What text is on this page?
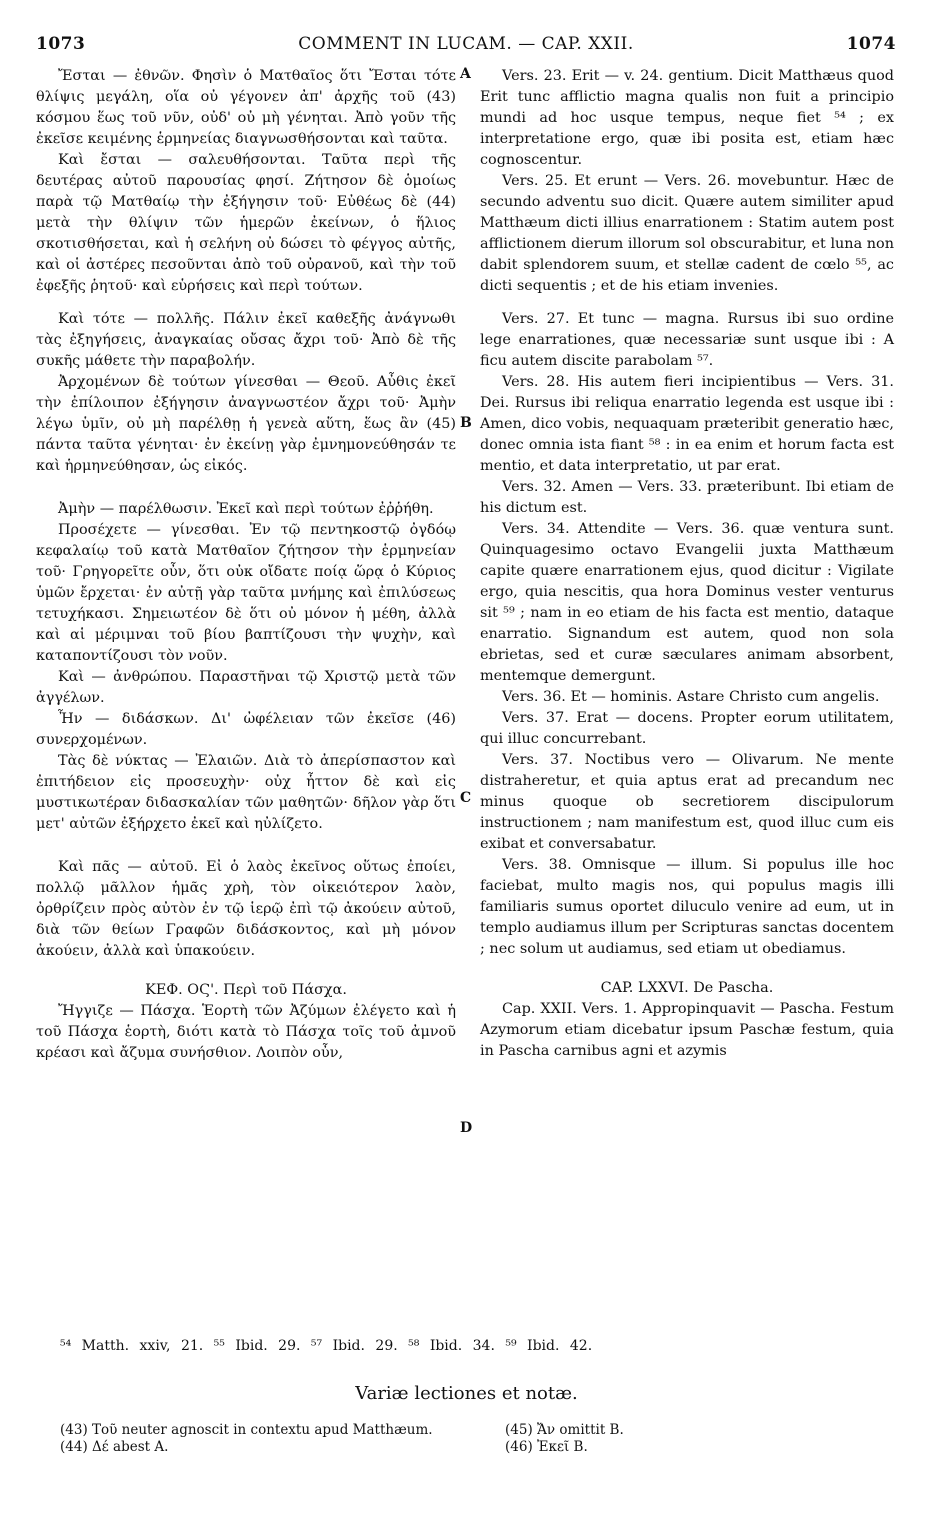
1073	COMMENT IN LUCAM. — CAP. XXII.	1074

Ἔσται — ἐθνῶν. Φησὶν ὁ Ματθαῖος ὅτι Ἔσται τότε θλίψις μεγάλη, οἵα οὐ γέγονεν ἀπ' ἀρχῆς τοῦ (43) κόσμου ἕως τοῦ νῦν, οὐδ' οὐ μὴ γένηται. Ἀπὸ γοῦν τῆς ἐκεῖσε κειμένης ἑρμηνείας διαγνωσθήσονται καὶ ταῦτα.

Καὶ ἔσται — σαλευθήσονται. Ταῦτα περὶ τῆς δευτέρας αὐτοῦ παρουσίας φησί. Ζήτησον δὲ ὁμοίως παρὰ τῷ Ματθαίῳ τὴν ἐξήγησιν τοῦ· Εὐθέως δὲ (44) μετὰ τὴν θλίψιν τῶν ἡμερῶν ἐκείνων, ὁ ἥλιος σκοτισθήσεται, καὶ ἡ σελήνη οὐ δώσει τὸ φέγγος αὐτῆς, καὶ οἱ ἀστέρες πεσοῦνται ἀπὸ τοῦ οὐρανοῦ, καὶ τὴν τοῦ ἐφεξῆς ῥητοῦ· καὶ εὑρήσεις καὶ περὶ τούτων.

Καὶ τότε — πολλῆς. Πάλιν ἐκεῖ καθεξῆς ἀνάγνωθι τὰς ἐξηγήσεις, ἀναγκαίας οὔσας ἄχρι τοῦ· Ἀπὸ δὲ τῆς συκῆς μάθετε τὴν παραβολήν.

Ἀρχομένων δὲ τούτων γίνεσθαι — Θεοῦ. Αὖθις ἐκεῖ τὴν ἐπίλοιπον ἐξήγησιν ἀναγνωστέον ἄχρι τοῦ· Ἀμὴν λέγω ὑμῖν, οὐ μὴ παρέλθῃ ἡ γενεὰ αὕτη, ἕως ἂν (45) πάντα ταῦτα γένηται· ἐν ἐκείνῃ γὰρ ἐμνημονεύθησάν τε καὶ ἡρμηνεύθησαν, ὡς εἰκός.

Ἀμὴν — παρέλθωσιν. Ἐκεῖ καὶ περὶ τούτων ἐῤῥήθη.

Προσέχετε — γίνεσθαι. Ἐν τῷ πεντηκοστῷ ὀγδόῳ κεφαλαίῳ τοῦ κατὰ Ματθαῖον ζήτησον τὴν ἑρμηνείαν τοῦ· Γρηγορεῖτε οὖν, ὅτι οὐκ οἴδατε ποίᾳ ὥρᾳ ὁ Κύριος ὑμῶν ἔρχεται· ἐν αὐτῇ γὰρ ταῦτα μνήμης καὶ ἐπιλύσεως τετυχήκασι. Σημειωτέον δὲ ὅτι οὐ μόνον ἡ μέθη, ἀλλὰ καὶ αἱ μέριμναι τοῦ βίου βαπτίζουσι τὴν ψυχὴν, καὶ καταποντίζουσι τὸν νοῦν.

Καὶ — ἀνθρώπου. Παραστῆναι τῷ Χριστῷ μετὰ τῶν ἀγγέλων.

Ἦν — διδάσκων. Δι' ὠφέλειαν τῶν ἐκεῖσε (46) συνερχομένων.

Τὰς δὲ νύκτας — Ἐλαιῶν. Διὰ τὸ ἀπερίσπαστον καὶ ἐπιτήδειον εἰς προσευχὴν· οὐχ ἧττον δὲ καὶ εἰς μυστικωτέραν διδασκαλίαν τῶν μαθητῶν· δῆλον γὰρ ὅτι μετ' αὐτῶν ἐξήρχετο ἐκεῖ καὶ ηὐλίζετο.

Καὶ πᾶς — αὐτοῦ. Εἰ ὁ λαὸς ἐκεῖνος οὕτως ἐποίει, πολλῷ μᾶλλον ἡμᾶς χρὴ, τὸν οἰκειότερον λαὸν, ὀρθρίζειν πρὸς αὐτὸν ἐν τῷ ἱερῷ ἐπὶ τῷ ἀκούειν αὐτοῦ, διὰ τῶν θείων Γραφῶν διδάσκοντος, καὶ μὴ μόνον ἀκούειν, ἀλλὰ καὶ ὑπακούειν.

ΚΕΦ. ΟϚ'. Περὶ τοῦ Πάσχα.

Ἤγγιζε — Πάσχα. Ἑορτὴ τῶν Ἀζύμων ἐλέγετο καὶ ἡ τοῦ Πάσχα ἑορτὴ, διότι κατὰ τὸ Πάσχα τοῖς τοῦ ἀμνοῦ κρέασι καὶ ἄζυμα συνήσθιον. Λοιπὸν οὖν,

Vers. 23. Erit — v. 24. gentium. Dicit Matthæus quod Erit tunc afflictio magna qualis non fuit a principio mundi ad hoc usque tempus, neque fiet ⁵⁴ ; ex interpretatione ergo, quæ ibi posita est, etiam hæc cognoscentur.

Vers. 25. Et erunt — Vers. 26. movebuntur. Hæc de secundo adventu suo dicit. Quære autem similiter apud Matthæum dicti illius enarrationem : Statim autem post afflictionem dierum illorum sol obscurabitur, et luna non dabit splendorem suum, et stellæ cadent de cœlo ⁵⁵, ac dicti sequentis ; et de his etiam invenies.

Vers. 27. Et tunc — magna. Rursus ibi suo ordine lege enarrationes, quæ necessariæ sunt usque ibi : A ficu autem discite parabolam ⁵⁷.

Vers. 28. His autem fieri incipientibus — Vers. 31. Dei. Rursus ibi reliqua enarratio legenda est usque ibi : Amen, dico vobis, nequaquam præteribit generatio hæc, donec omnia ista fiant ⁵⁸ : in ea enim et horum facta est mentio, et data interpretatio, ut par erat.

Vers. 32. Amen — Vers. 33. præteribunt. Ibi etiam de his dictum est.

Vers. 34. Attendite — Vers. 36. quæ ventura sunt. Quinquagesimo octavo Evangelii juxta Matthæum capite quære enarrationem ejus, quod dicitur : Vigilate ergo, quia nescitis, qua hora Dominus vester venturus sit ⁵⁹ ; nam in eo etiam de his facta est mentio, dataque enarratio. Signandum est autem, quod non sola ebrietas, sed et curæ sæculares animam absorbent, mentemque demergunt.

Vers. 36. Et — hominis. Astare Christo cum angelis.

Vers. 37. Erat — docens. Propter eorum utilitatem, qui illuc concurrebant.

Vers. 37. Noctibus vero — Olivarum. Ne mente distraheretur, et quia aptus erat ad precandum nec minus quoque ob secretiorem discipulorum instructionem ; nam manifestum est, quod illuc cum eis exibat et conversabatur.

Vers. 38. Omnisque — illum. Si populus ille hoc faciebat, multo magis nos, qui populus magis illi familiaris sumus oportet diluculo venire ad eum, ut in templo audiamus illum per Scripturas sanctas docentem ; nec solum ut audiamus, sed etiam ut obediamus.

CAP. LXXVI. De Pascha.

Cap. XXII. Vers. 1. Appropinquavit — Pascha. Festum Azymorum etiam dicebatur ipsum Paschæ festum, quia in Pascha carnibus agni et azymis

A
B
C
D
⁵⁴ Matth. xxiv, 21. ⁵⁵ Ibid. 29. ⁵⁷ Ibid. 29. ⁵⁸ Ibid. 34. ⁵⁹ Ibid. 42.
Variæ lectiones et notæ.

(43) Τοῦ neuter agnoscit in contextu apud Matthæum.

(44) Δέ abest A.

(45) Ἄν omittit B.

(46) Ἐκεῖ B.
